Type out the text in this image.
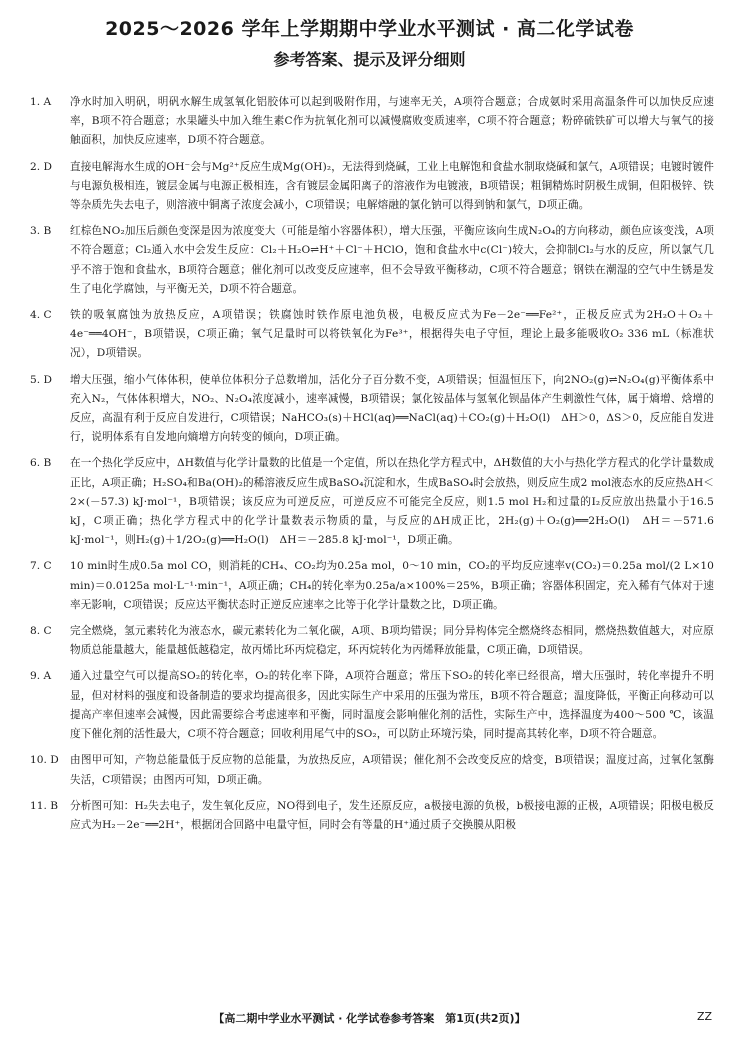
2025～2026 学年上学期期中学业水平测试 · 高二化学试卷
参考答案、提示及评分细则
1. A	净水时加入明矾，明矾水解生成氢氧化铝胶体可以起到吸附作用，与速率无关，A项符合题意；合成氨时采用高温条件可以加快反应速率，B项不符合题意；水果罐头中加入维生素C作为抗氧化剂可以减慢腐败变质速率，C项不符合题意；粉碎硫铁矿可以增大与氧气的接触面积，加快反应速率，D项不符合题意。
2. D	直接电解海水生成的OH⁻会与Mg²⁺反应生成Mg(OH)₂，无法得到烧碱，工业上电解饱和食盐水制取烧碱和氯气，A项错误；电镀时镀件与电源负极相连，镀层金属与电源正极相连，含有镀层金属阳离子的溶液作为电镀液，B项错误；粗铜精炼时阴极生成铜，但阳极锌、铁等杂质先失去电子，则溶液中铜离子浓度会减小，C项错误；电解熔融的氯化钠可以得到钠和氯气，D项正确。
3. B	红棕色NO₂加压后颜色变深是因为浓度变大（可能是缩小容器体积），增大压强，平衡应该向生成N₂O₄的方向移动，颜色应该变浅，A项不符合题意；Cl₂通入水中会发生反应：Cl₂＋H₂O⇌H⁺＋Cl⁻＋HClO，饱和食盐水中c(Cl⁻)较大，会抑制Cl₂与水的反应，所以氯气几乎不溶于饱和食盐水，B项符合题意；催化剂可以改变反应速率，但不会导致平衡移动，C项不符合题意；钢铁在潮湿的空气中生锈是发生了电化学腐蚀，与平衡无关，D项不符合题意。
4. C	铁的吸氧腐蚀为放热反应，A项错误；铁腐蚀时铁作原电池负极，电极反应式为Fe－2e⁻══Fe²⁺，正极反应式为2H₂O＋O₂＋4e⁻══4OH⁻，B项错误，C项正确；氧气足量时可以将铁氧化为Fe³⁺，根据得失电子守恒，理论上最多能吸收O₂ 336 mL（标准状况），D项错误。
5. D	增大压强，缩小气体体积，使单位体积分子总数增加，活化分子百分数不变，A项错误；恒温恒压下，向2NO₂(g)⇌N₂O₄(g)平衡体系中充入N₂，气体体积增大，NO₂、N₂O₄浓度减小，速率减慢，B项错误；氯化铵晶体与氢氧化钡晶体产生刺激性气体，属于熵增、焓增的反应，高温有利于反应自发进行，C项错误；NaHCO₃(s)＋HCl(aq)══NaCl(aq)＋CO₂(g)＋H₂O(l)　ΔH＞0，ΔS＞0，反应能自发进行，说明体系有自发地向熵增方向转变的倾向，D项正确。
6. B	在一个热化学反应中，ΔH数值与化学计量数的比值是一个定值，所以在热化学方程式中，ΔH数值的大小与热化学方程式的化学计量数成正比，A项正确；H₂SO₄和Ba(OH)₂的稀溶液反应生成BaSO₄沉淀和水，生成BaSO₄时会放热，则反应生成2 mol液态水的反应热ΔH＜2×(－57.3) kJ·mol⁻¹，B项错误；该反应为可逆反应，可逆反应不可能完全反应，则1.5 mol H₂和过量的I₂反应放出热量小于16.5 kJ，C项正确；热化学方程式中的化学计量数表示物质的量，与反应的ΔH成正比，2H₂(g)＋O₂(g)══2H₂O(l)　ΔH＝－571.6 kJ·mol⁻¹，则H₂(g)＋1/2O₂(g)══H₂O(l)　ΔH＝－285.8 kJ·mol⁻¹，D项正确。
7. C	10 min时生成0.5a mol CO，则消耗的CH₄、CO₂均为0.25a mol，0～10 min，CO₂的平均反应速率v(CO₂)＝0.25a mol/(2 L×10 min)＝0.0125a mol·L⁻¹·min⁻¹，A项正确；CH₄的转化率为0.25a/a×100%＝25%，B项正确；容器体积固定，充入稀有气体对于速率无影响，C项错误；反应达平衡状态时正逆反应速率之比等于化学计量数之比，D项正确。
8. C	完全燃烧，氢元素转化为液态水，碳元素转化为二氧化碳，A项、B项均错误；同分异构体完全燃烧终态相同，燃烧热数值越大，对应原物质总能量越大，能量越低越稳定，故丙烯比环丙烷稳定，环丙烷转化为丙烯释放能量，C项正确，D项错误。
9. A	通入过量空气可以提高SO₂的转化率，O₂的转化率下降，A项符合题意；常压下SO₂的转化率已经很高，增大压强时，转化率提升不明显，但对材料的强度和设备制造的要求均提高很多，因此实际生产中采用的压强为常压，B项不符合题意；温度降低，平衡正向移动可以提高产率但速率会减慢，因此需要综合考虑速率和平衡，同时温度会影响催化剂的活性，实际生产中，选择温度为400～500 ℃，该温度下催化剂的活性最大，C项不符合题意；回收利用尾气中的SO₂，可以防止环境污染，同时提高其转化率，D项不符合题意。
10. D	由图甲可知，产物总能量低于反应物的总能量，为放热反应，A项错误；催化剂不会改变反应的焓变，B项错误；温度过高，过氧化氢酶失活，C项错误；由图丙可知，D项正确。
11. B	分析图可知：H₂失去电子，发生氧化反应，NO得到电子，发生还原反应，a极接电源的负极，b极接电源的正极，A项错误；阳极电极反应式为H₂－2e⁻══2H⁺，根据闭合回路中电量守恒，同时会有等量的H⁺通过质子交换膜从阳极
【高二期中学业水平测试 · 化学试卷参考答案　第1页(共2页)】	ZZ
